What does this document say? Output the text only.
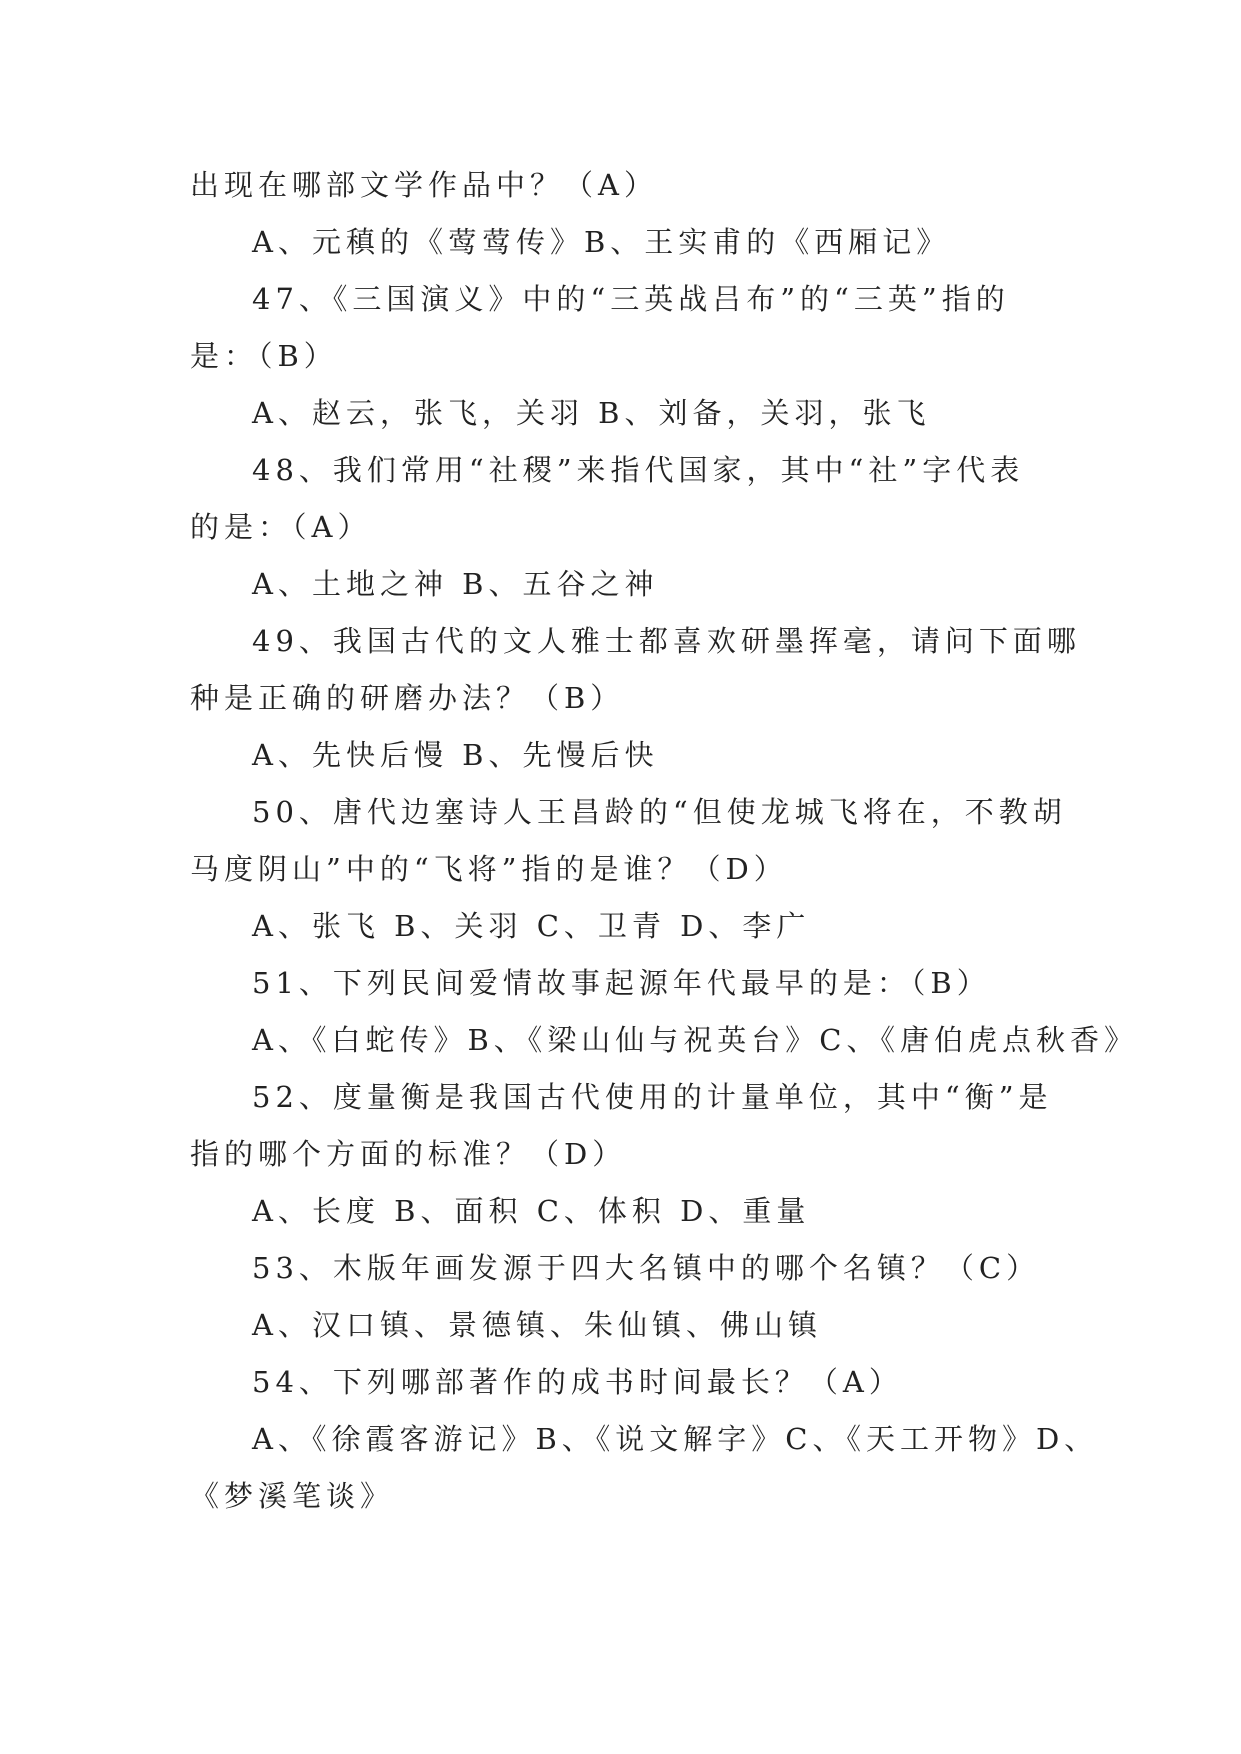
出现在哪部文学作品中？（A）
A、元稹的《莺莺传》B、王实甫的《西厢记》
47、《三国演义》中的“三英战吕布”的“三英”指的
是：（B）
A、赵云，张飞，关羽 B、刘备，关羽，张飞
48、我们常用“社稷”来指代国家，其中“社”字代表
的是：（A）
A、土地之神 B、五谷之神
49、我国古代的文人雅士都喜欢研墨挥毫，请问下面哪
种是正确的研磨办法？（B）
A、先快后慢 B、先慢后快
50、唐代边塞诗人王昌龄的“但使龙城飞将在，不教胡
马度阴山”中的“飞将”指的是谁？（D）
A、张飞 B、关羽 C、卫青 D、李广
51、下列民间爱情故事起源年代最早的是：（B）
A、《白蛇传》B、《梁山仙与祝英台》C、《唐伯虎点秋香》
52、度量衡是我国古代使用的计量单位，其中“衡”是
指的哪个方面的标准？（D）
A、长度 B、面积 C、体积 D、重量
53、木版年画发源于四大名镇中的哪个名镇？（C）
A、汉口镇、景德镇、朱仙镇、佛山镇
54、下列哪部著作的成书时间最长？（A）
A、《徐霞客游记》B、《说文解字》C、《天工开物》D、
《梦溪笔谈》
